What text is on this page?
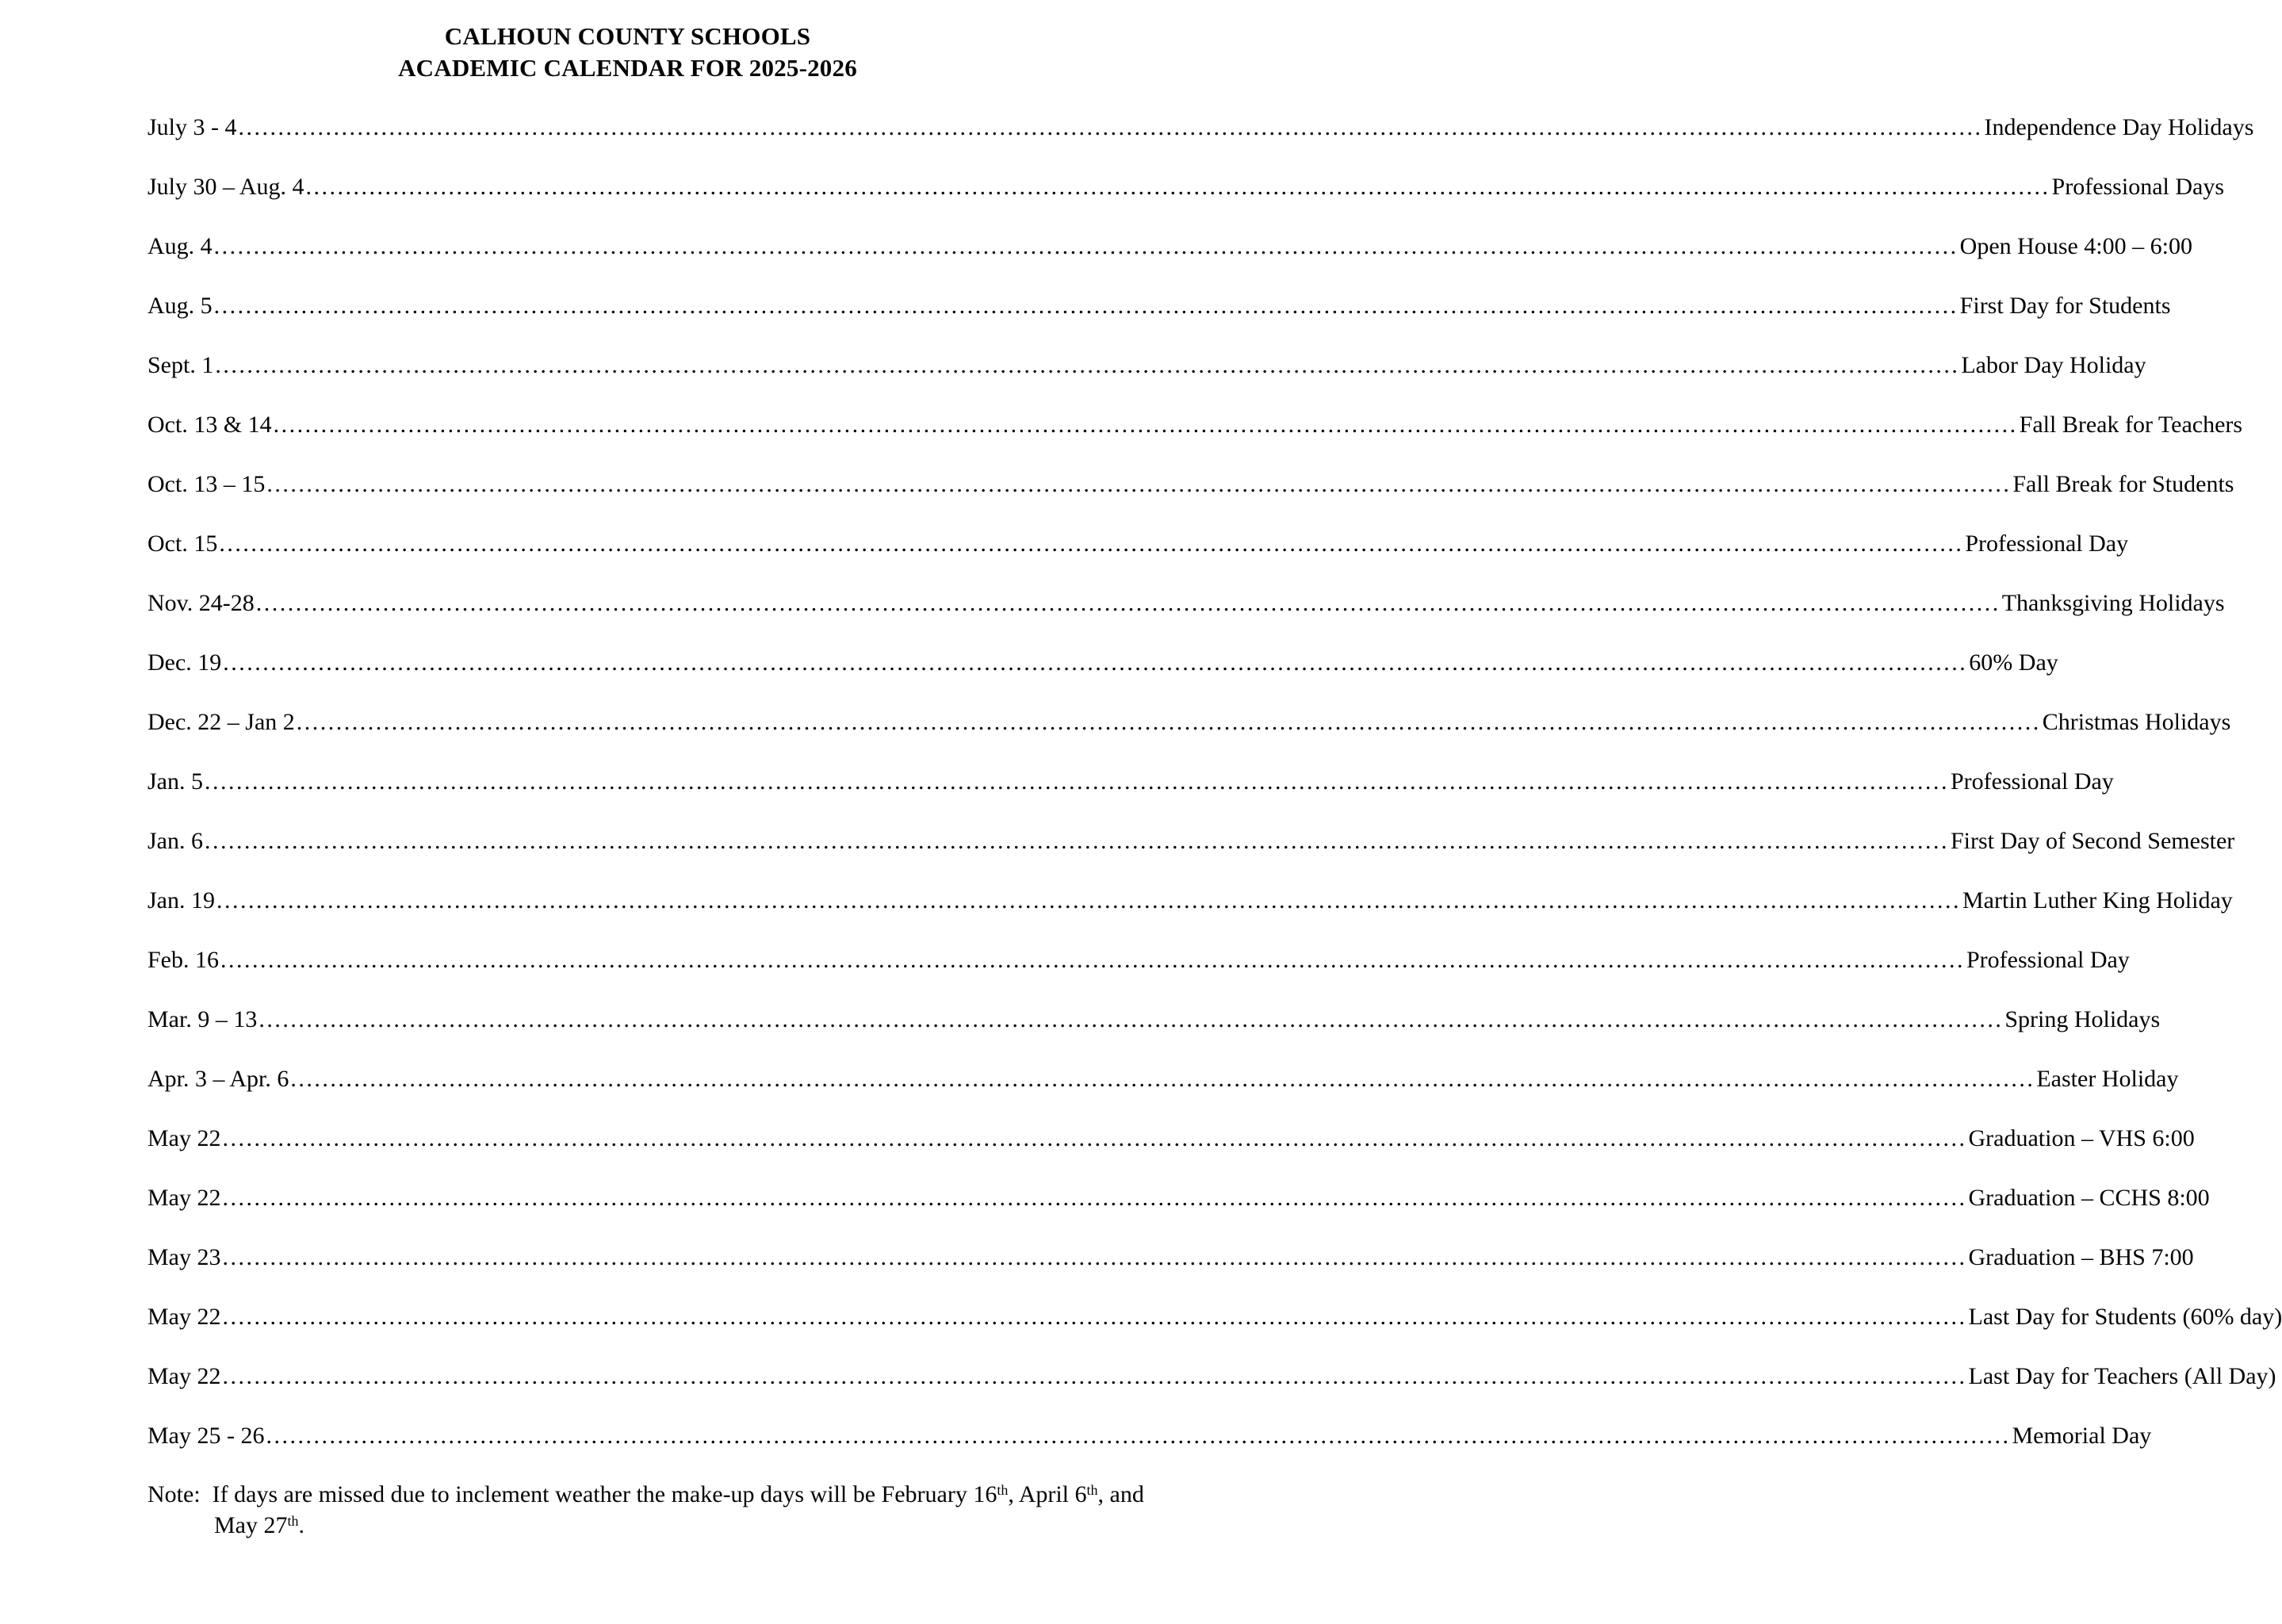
CALHOUN COUNTY SCHOOLS
ACADEMIC CALENDAR FOR 2025-2026
July 3 - 4 ............................................................................................................................................................................................................................ Independence Day Holidays
July 30 – Aug. 4 ............................................................................................................................................................................................................................ Professional Days
Aug. 4 ............................................................................................................................................................................................................................ Open House 4:00 – 6:00
Aug. 5 ............................................................................................................................................................................................................................ First Day for Students
Sept. 1 ............................................................................................................................................................................................................................ Labor Day Holiday
Oct. 13 & 14 ............................................................................................................................................................................................................................ Fall Break for Teachers
Oct. 13 – 15 ............................................................................................................................................................................................................................ Fall Break for Students
Oct. 15 ............................................................................................................................................................................................................................ Professional Day
Nov. 24-28 ............................................................................................................................................................................................................................ Thanksgiving Holidays
Dec. 19 ............................................................................................................................................................................................................................ 60% Day
Dec. 22 – Jan 2 ............................................................................................................................................................................................................................ Christmas Holidays
Jan. 5 ............................................................................................................................................................................................................................ Professional Day
Jan. 6 ............................................................................................................................................................................................................................ First Day of Second Semester
Jan. 19 ............................................................................................................................................................................................................................ Martin Luther King Holiday
Feb. 16 ............................................................................................................................................................................................................................ Professional Day
Mar. 9 – 13 ............................................................................................................................................................................................................................ Spring Holidays
Apr. 3 – Apr. 6 ............................................................................................................................................................................................................................ Easter Holiday
May 22 ............................................................................................................................................................................................................................ Graduation – VHS 6:00
May 22 ............................................................................................................................................................................................................................ Graduation – CCHS 8:00
May 23 ............................................................................................................................................................................................................................ Graduation – BHS 7:00
May 22 ............................................................................................................................................................................................................................ Last Day for Students (60% day)
May 22 ............................................................................................................................................................................................................................ Last Day for Teachers (All Day)
May 25 - 26 ............................................................................................................................................................................................................................ Memorial Day
Note:  If days are missed due to inclement weather the make-up days will be February 16th, April 6th, and
May 27th.
